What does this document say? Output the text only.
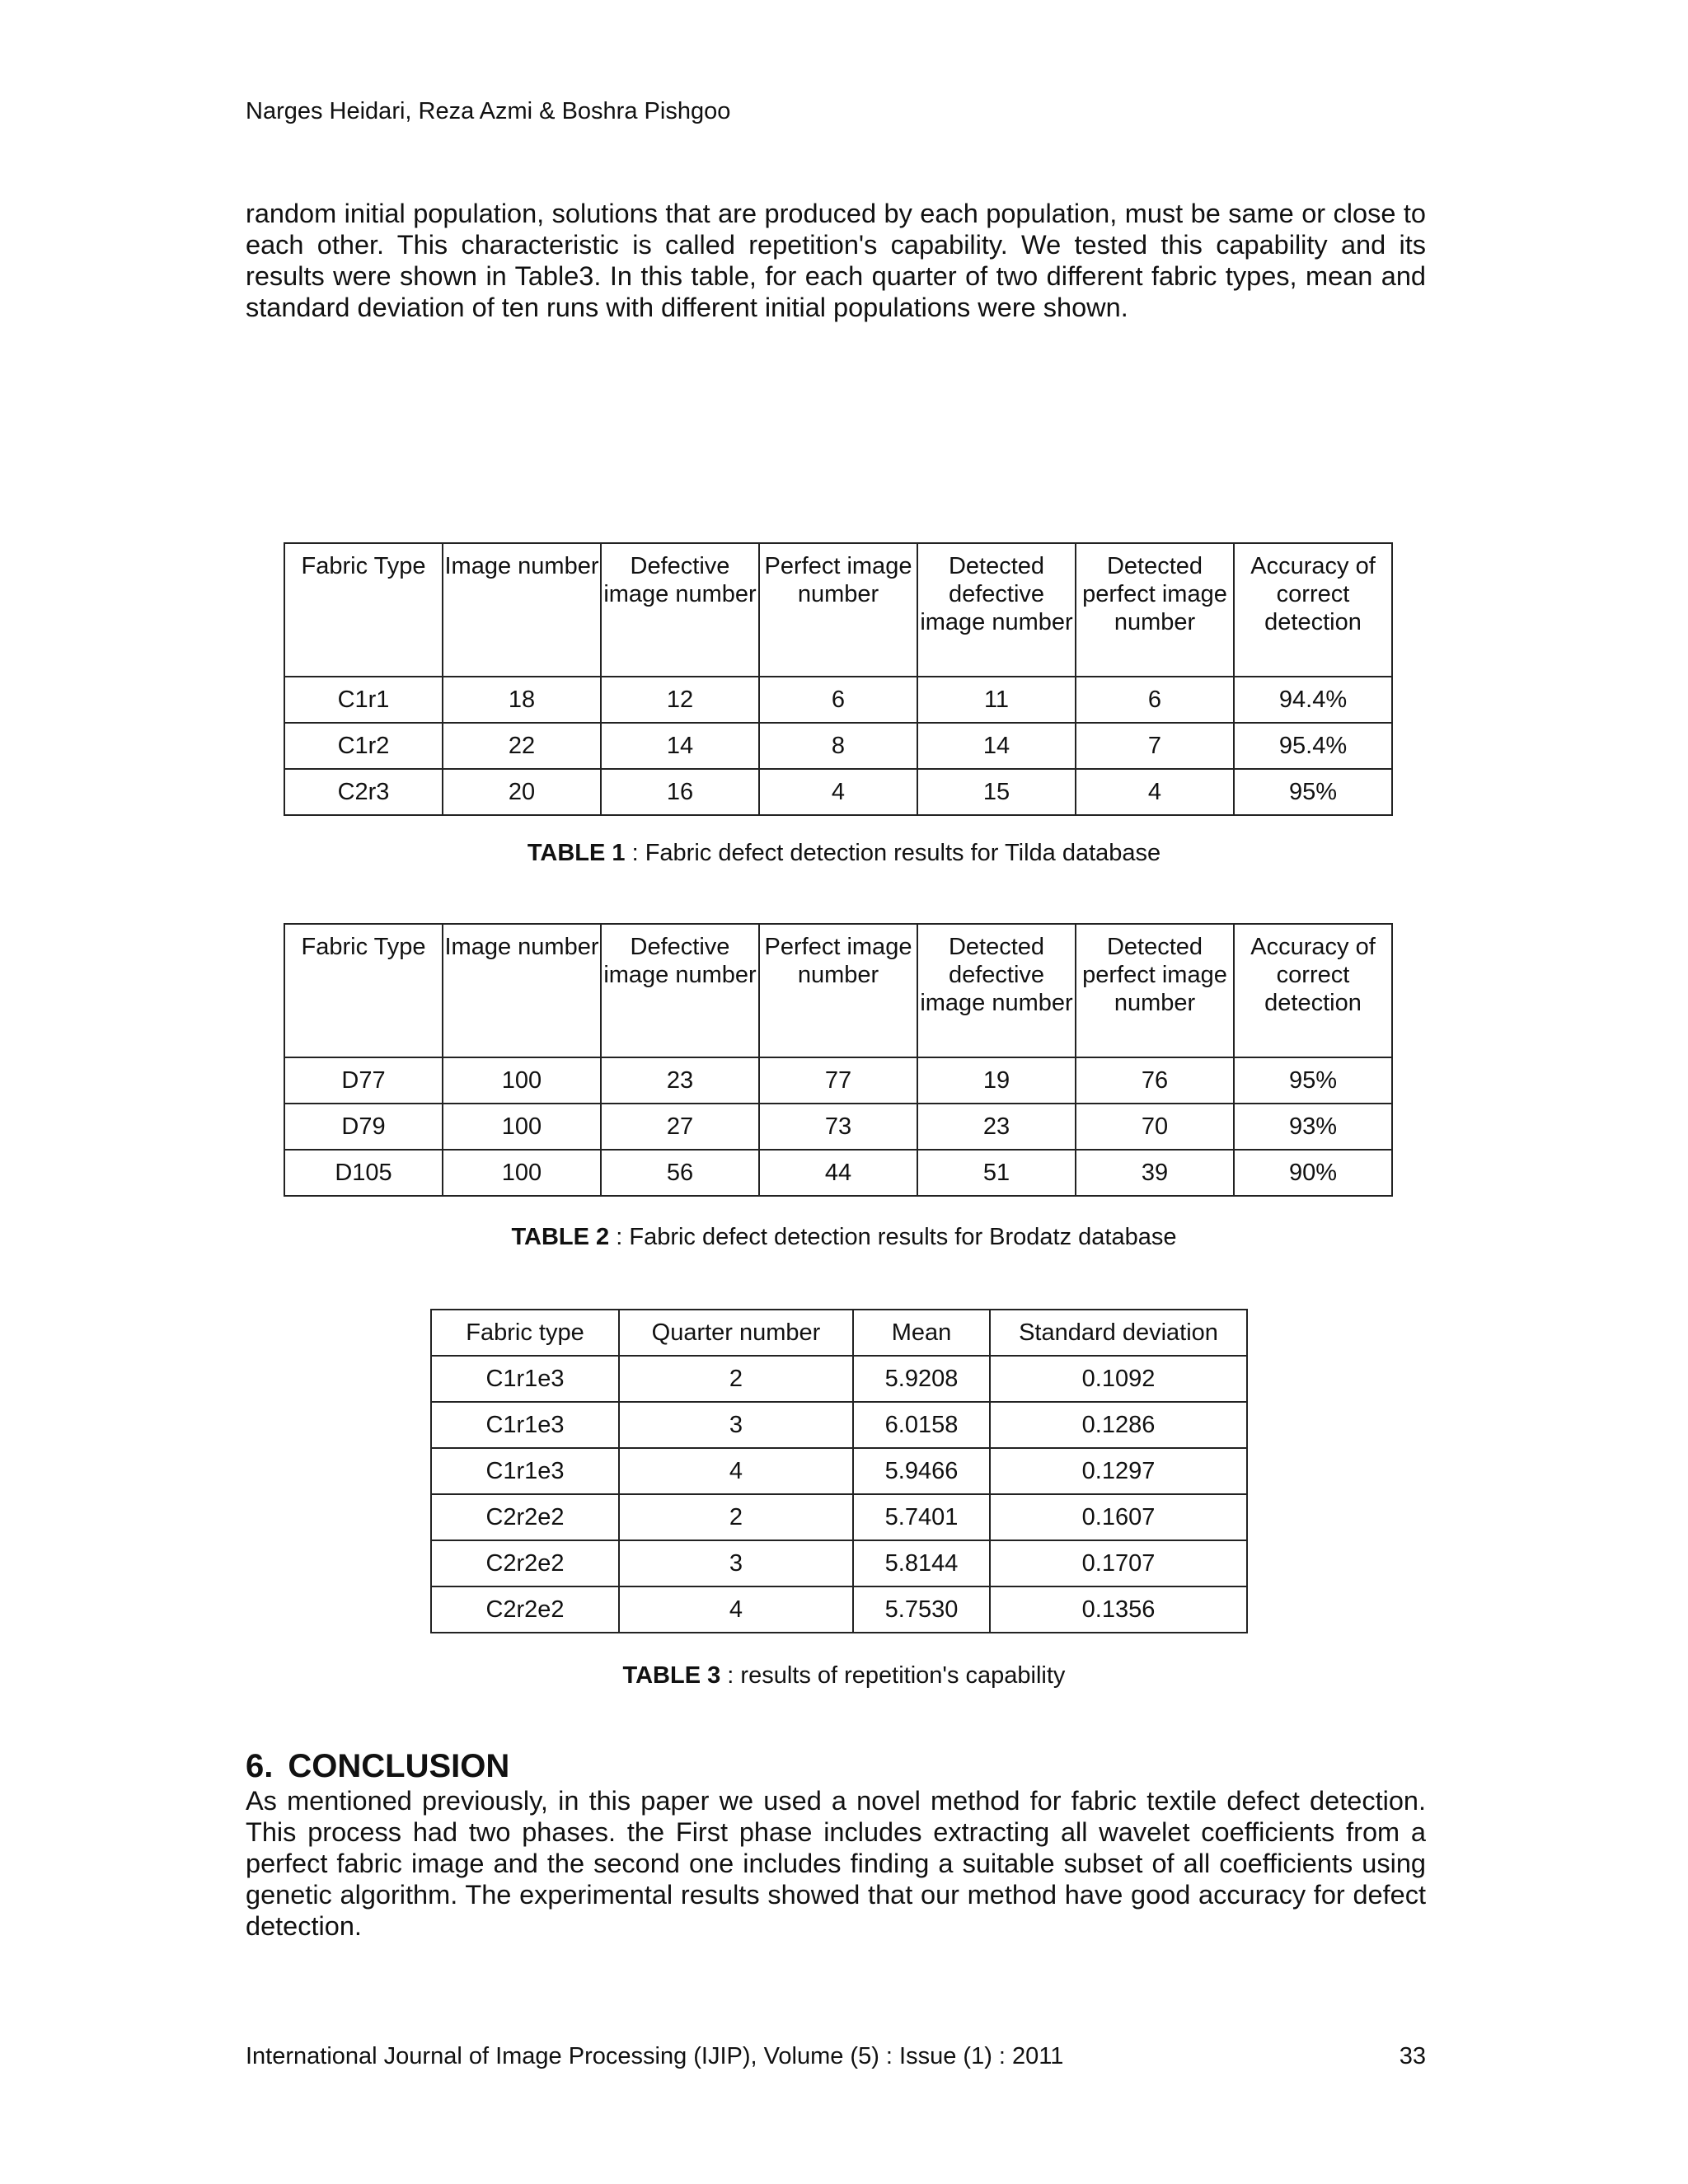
Narges Heidari, Reza Azmi & Boshra Pishgoo

random initial population, solutions that are produced by each population, must be same or close to each other. This characteristic is called repetition's capability. We tested this capability and its results were shown in Table3. In this table, for each quarter of two different fabric types, mean and standard deviation of ten runs with different initial populations were shown.

Fabric Type	Image number	Defective image number	Perfect image number	Detected defective image number	Detected perfect image number	Accuracy of correct detection
C1r1	18	12	6	11	6	94.4%
C1r2	22	14	8	14	7	95.4%
C2r3	20	16	4	15	4	95%
TABLE 1 : Fabric defect detection results for Tilda database
Fabric Type	Image number	Defective image number	Perfect image number	Detected defective image number	Detected perfect image number	Accuracy of correct detection
D77	100	23	77	19	76	95%
D79	100	27	73	23	70	93%
D105	100	56	44	51	39	90%
TABLE 2 : Fabric defect detection results for Brodatz database
Fabric type	Quarter number	Mean	Standard deviation
C1r1e3	2	5.9208	0.1092
C1r1e3	3	6.0158	0.1286
C1r1e3	4	5.9466	0.1297
C2r2e2	2	5.7401	0.1607
C2r2e2	3	5.8144	0.1707
C2r2e2	4	5.7530	0.1356
TABLE 3 : results of repetition's capability
6. CONCLUSION

As mentioned previously, in this paper we used a novel method for fabric textile defect detection. This process had two phases. the First phase includes extracting all wavelet coefficients from a perfect fabric image and the second one includes finding a suitable subset of all coefficients using genetic algorithm. The experimental results showed that our method have good accuracy for defect detection.

International Journal of Image Processing (IJIP), Volume (5) : Issue (1) : 2011	33
